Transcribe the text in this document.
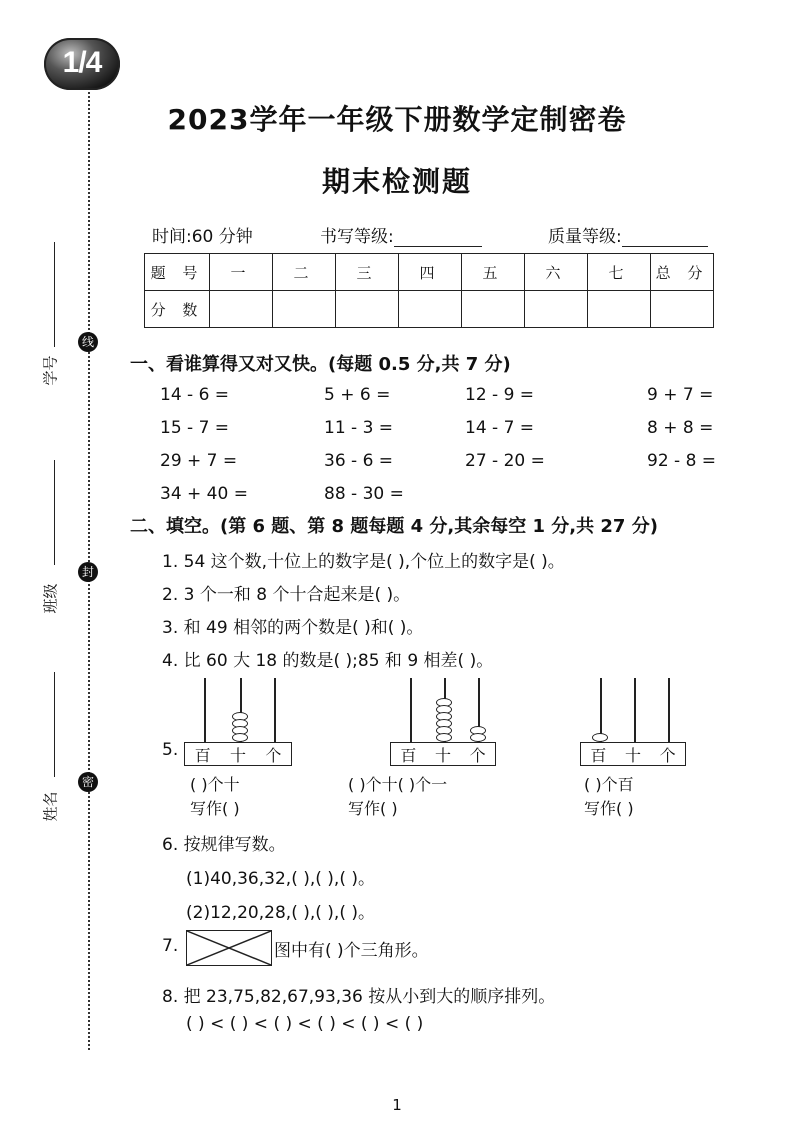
1/4
线
封
密
学号
班级
姓名
2023学年一年级下册数学定制密卷
期末检测题
时间:60 分钟	书写等级:	质量等级:
题 号	一	二	三	四	五	六	七	总 分
分 数								
一、看谁算得又对又快。(每题 0.5 分,共 7 分)
14 - 6 =	5 + 6 =	12 - 9 =	9 + 7 =
15 - 7 =	11 - 3 =	14 - 7 =	8 + 8 =
29 + 7 =	36 - 6 =	27 - 20 =	92 - 8 =
34 + 40 =	88 - 30 =
二、填空。(第 6 题、第 8 题每题 4 分,其余每空 1 分,共 27 分)
1. 54 这个数,十位上的数字是( ),个位上的数字是( )。
2. 3 个一和 8 个十合起来是( )。
3. 和 49 相邻的两个数是( )和( )。
4. 比 60 大 18 的数是( );85 和 9 相差( )。
5. 百 十 个
( )个十
写作( )
百 十 个
( )个十( )个一
写作( )
百 十 个
( )个百
写作( )
6. 按规律写数。
(1)40,36,32,( ),( ),( )。
(2)12,20,28,( ),( ),( )。
7.	图中有( )个三角形。
8. 把 23,75,82,67,93,36 按从小到大的顺序排列。
( ) < ( ) < ( ) < ( ) < ( ) < ( )
1
